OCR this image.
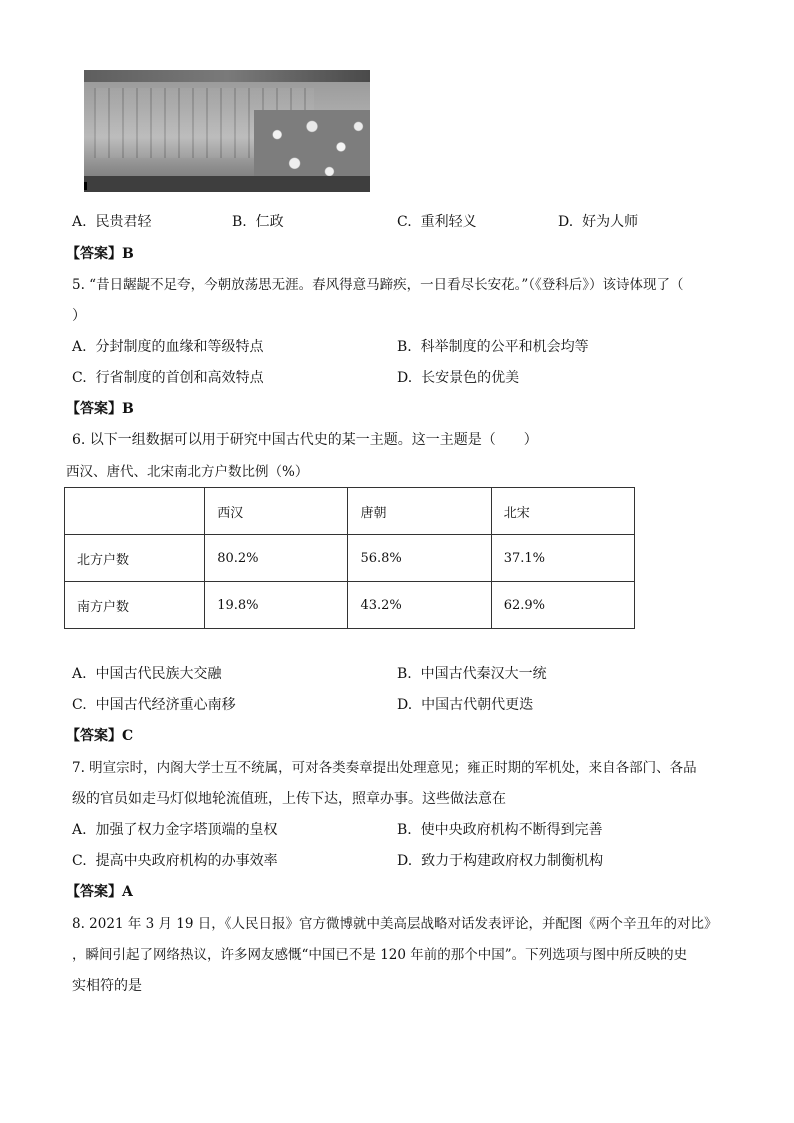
A. 民贵君轻	B. 仁政	C. 重利轻义	D. 好为人师
【答案】B
5. “昔日龌龊不足夸，今朝放荡思无涯。春风得意马蹄疾，一日看尽长安花。”（《登科后》）该诗体现了（
）
A. 分封制度的血缘和等级特点	B. 科举制度的公平和机会均等
C. 行省制度的首创和高效特点	D. 长安景色的优美
【答案】B
6. 以下一组数据可以用于研究中国古代史的某一主题。这一主题是（　　）
西汉、唐代、北宋南北方户数比例（%）
	西汉	唐朝	北宋
北方户数	80.2%	56.8%	37.1%
南方户数	19.8%	43.2%	62.9%
A. 中国古代民族大交融	B. 中国古代秦汉大一统
C. 中国古代经济重心南移	D. 中国古代朝代更迭
【答案】C
7. 明宣宗时，内阁大学士互不统属，可对各类奏章提出处理意见；雍正时期的军机处，来自各部门、各品
级的官员如走马灯似地轮流值班，上传下达，照章办事。这些做法意在
A. 加强了权力金字塔顶端的皇权	B. 使中央政府机构不断得到完善
C. 提高中央政府机构的办事效率	D. 致力于构建政府权力制衡机构
【答案】A
8. 2021 年 3 月 19 日，《人民日报》官方微博就中美高层战略对话发表评论，并配图《两个辛丑年的对比》
，瞬间引起了网络热议，许多网友感慨“中国已不是 120 年前的那个中国”。下列选项与图中所反映的史
实相符的是
